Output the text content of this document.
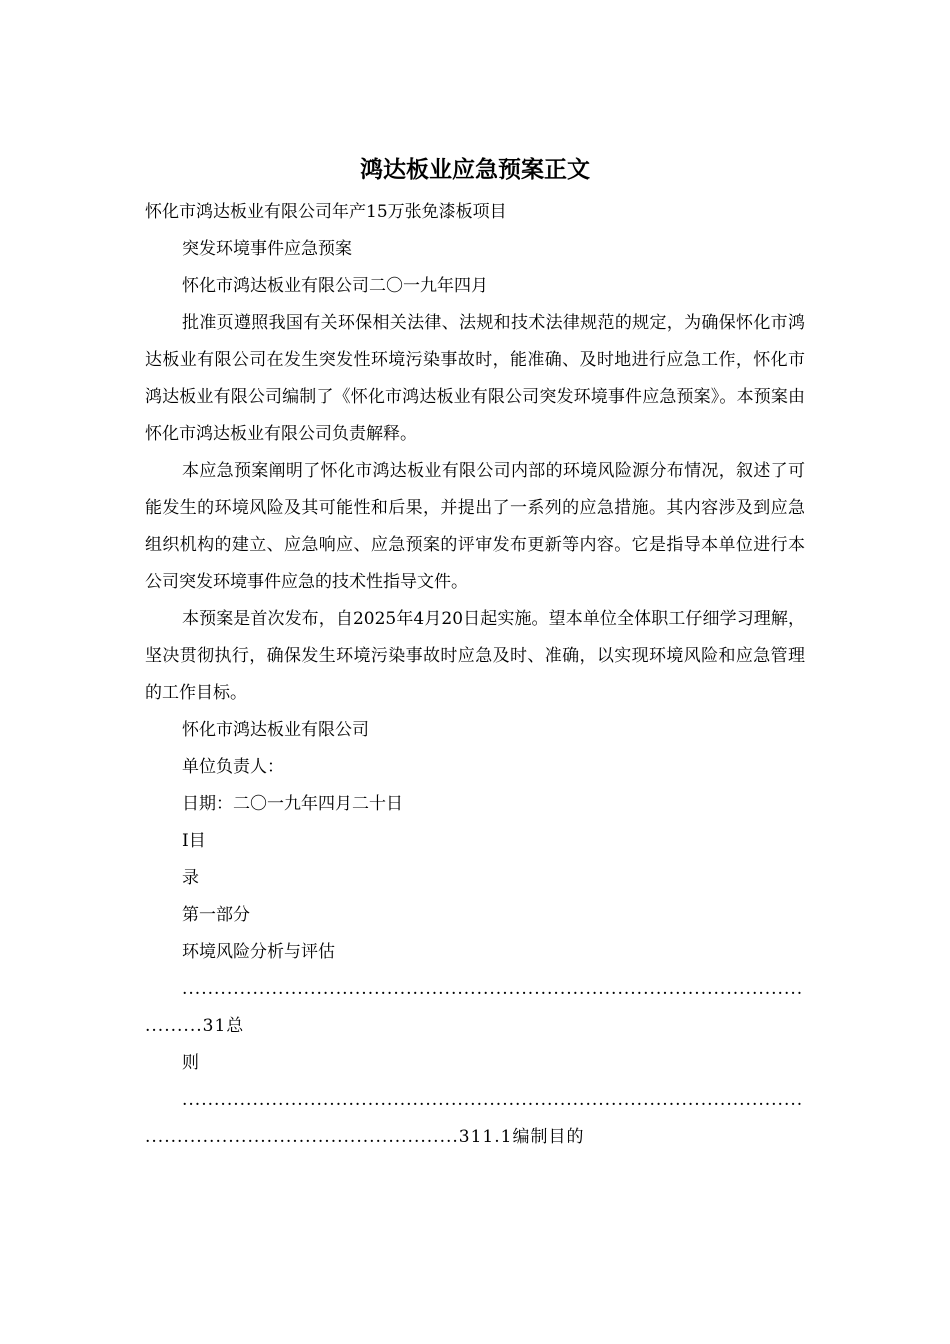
鸿达板业应急预案正文

怀化市鸿达板业有限公司年产15万张免漆板项目

突发环境事件应急预案

怀化市鸿达板业有限公司二〇一九年四月

批准页遵照我国有关环保相关法律、法规和技术法律规范的规定，为确保怀化市鸿达板业有限公司在发生突发性环境污染事故时，能准确、及时地进行应急工作，怀化市鸿达板业有限公司编制了《怀化市鸿达板业有限公司突发环境事件应急预案》。本预案由怀化市鸿达板业有限公司负责解释。

本应急预案阐明了怀化市鸿达板业有限公司内部的环境风险源分布情况，叙述了可能发生的环境风险及其可能性和后果，并提出了一系列的应急措施。其内容涉及到应急组织机构的建立、应急响应、应急预案的评审发布更新等内容。它是指导本单位进行本公司突发环境事件应急的技术性指导文件。

本预案是首次发布，自2025年4月20日起实施。望本单位全体职工仔细学习理解，坚决贯彻执行，确保发生环境污染事故时应急及时、准确，以实现环境风险和应急管理的工作目标。

怀化市鸿达板业有限公司

单位负责人：

日期：二〇一九年四月二十日

I目

录

第一部分

环境风险分析与评估

..........................................................................................................31总

则

..................................................................................................................................................311.1编制目的
